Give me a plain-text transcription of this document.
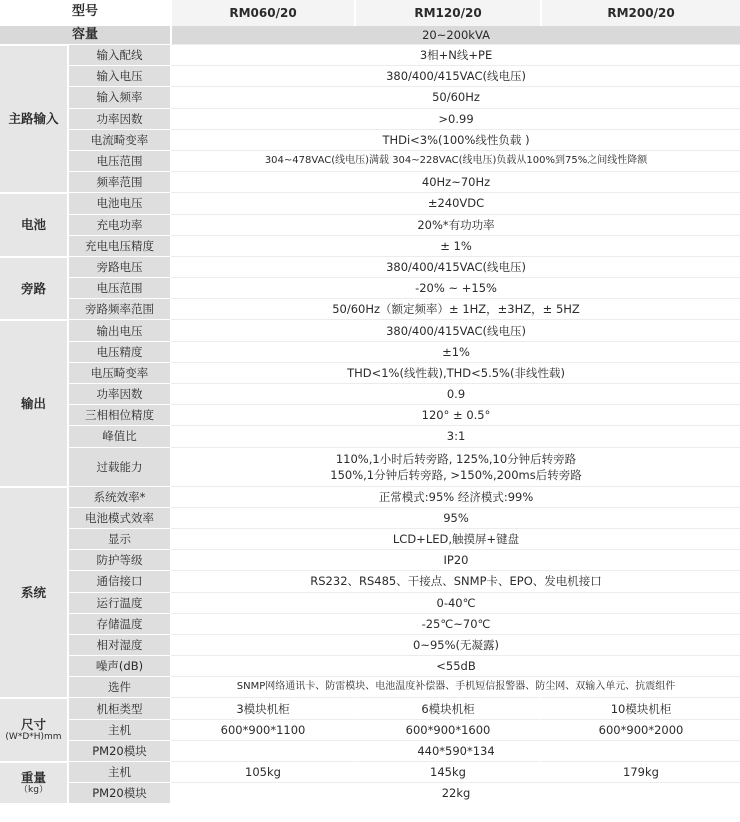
型号		RM060/20	RM120/20	RM200/20
容量		20~200kVA		
主路输入	输入配线	3相+N线+PE		
	输入电压	380/400/415VAC(线电压)		
	输入频率	50/60Hz		
	功率因数	>0.99		
	电流畸变率	THDi<3%(100%线性负载 )		
	电压范围	304~478VAC(线电压)满载 304~228VAC(线电压)负载从100%到75%之间线性降额		
	频率范围	40Hz~70Hz		
电池	电池电压	±240VDC		
	充电功率	20%*有功功率		
	充电电压精度	± 1%		
旁路	旁路电压	380/400/415VAC(线电压)		
	电压范围	-20% ~ +15%		
	旁路频率范围	50/60Hz（额定频率）± 1HZ，±3HZ，± 5HZ		
输出	输出电压	380/400/415VAC(线电压)		
	电压精度	±1%		
	电压畸变率	THD<1%(线性载),THD<5.5%(非线性载)		
	功率因数	0.9		
	三相相位精度	120° ± 0.5°		
	峰值比	3:1		
	过载能力	110%,1小时后转旁路, 125%,10分钟后转旁路
150%,1分钟后转旁路, >150%,200ms后转旁路		

系统	系统效率*	正常模式:95% 经济模式:99%		
	电池模式效率	95%		
	显示	LCD+LED,触摸屏+键盘		
	防护等级	IP20		
	通信接口	RS232、RS485、干接点、SNMP卡、EPO、发电机接口		
	运行温度	0-40℃		
	存储温度	-25℃~70℃		
	相对湿度	0~95%(无凝露)		
	噪声(dB)	<55dB		
	选件	SNMP网络通讯卡、防雷模块、电池温度补偿器、手机短信报警器、防尘网、双输入单元、抗震组件		

尺寸
(W*D*H)mm	机柜类型	3模块机柜	6模块机柜	10模块机柜
	主机	600*900*1100	600*900*1600	600*900*2000
	PM20模块	440*590*134		

重量
（kg）	主机	105kg	145kg	179kg
	PM20模块	22kg		
